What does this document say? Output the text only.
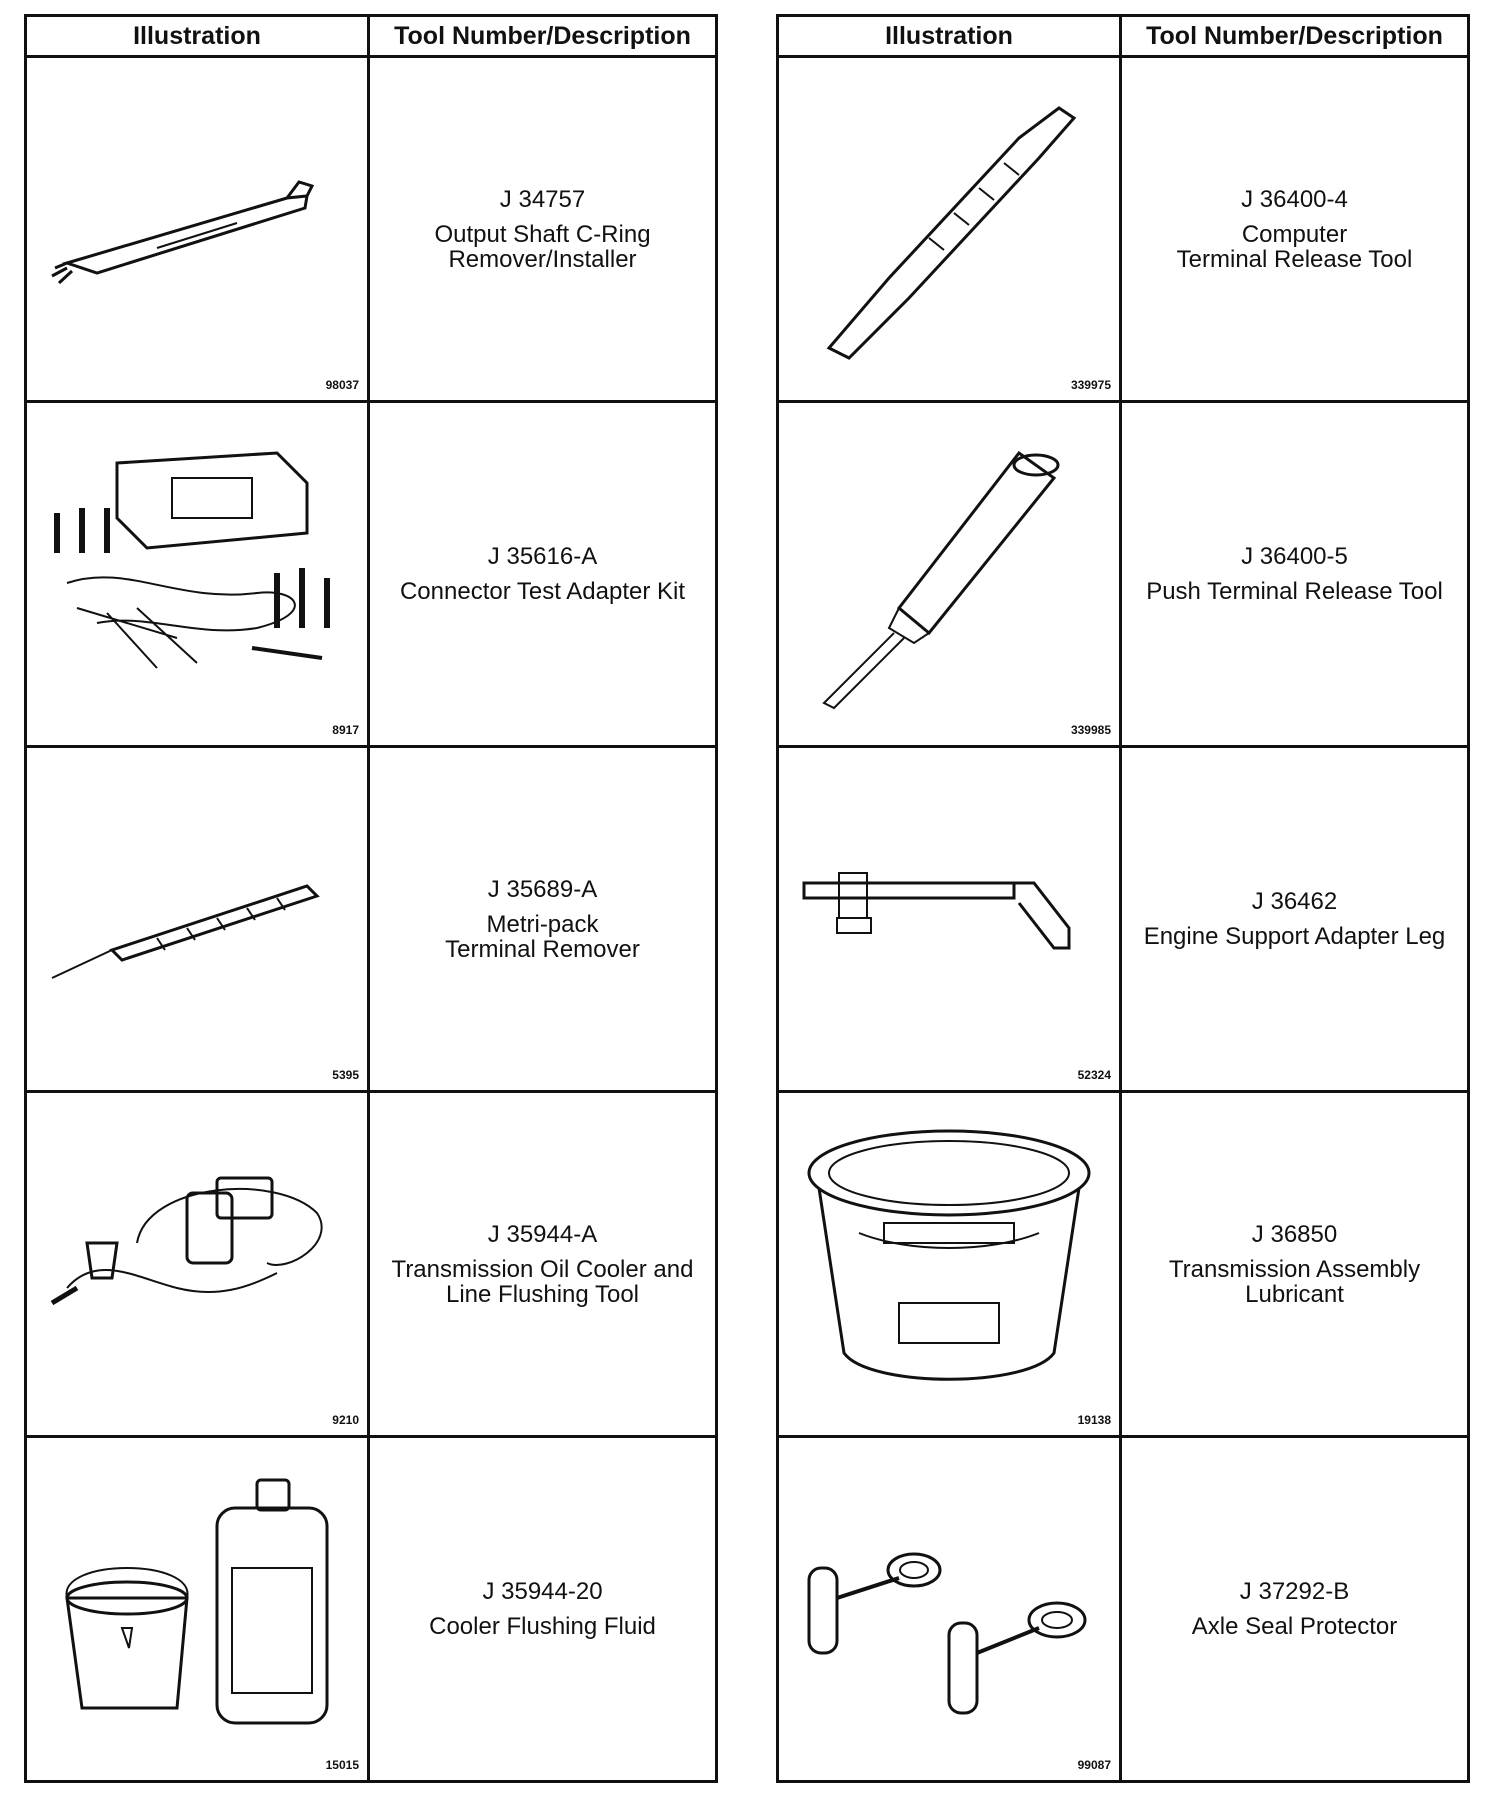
Illustration	Tool Number/Description
98037
J 34757
Output Shaft C-Ring
Remover/Installer
8917
J 35616-A
Connector Test Adapter Kit
5395
J 35689-A
Metri-pack
Terminal Remover
9210
J 35944-A
Transmission Oil Cooler and
Line Flushing Tool
15015
J 35944-20
Cooler Flushing Fluid
Illustration	Tool Number/Description
339975
J 36400-4
Computer
Terminal Release Tool
339985
J 36400-5
Push Terminal Release Tool
52324
J 36462
Engine Support Adapter Leg
19138
J 36850
Transmission Assembly
Lubricant
99087
J 37292-B
Axle Seal Protector
